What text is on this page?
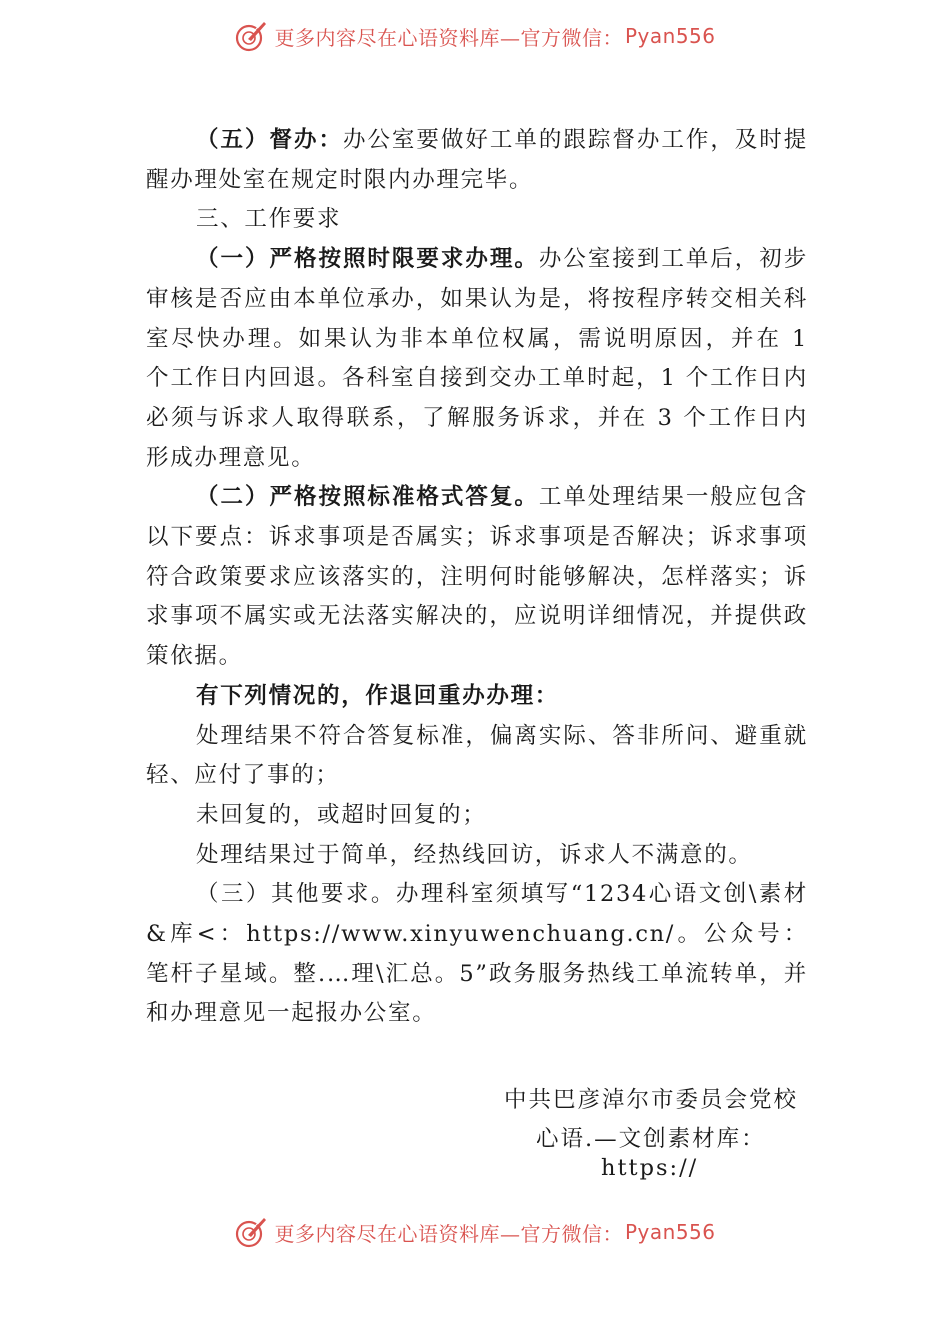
更多内容尽在心语资料库—官方微信： Pyan556

（五）督办：办公室要做好工单的跟踪督办工作，及时提醒办理处室在规定时限内办理完毕。

三、工作要求

（一）严格按照时限要求办理。办公室接到工单后，初步审核是否应由本单位承办，如果认为是，将按程序转交相关科室尽快办理。如果认为非本单位权属，需说明原因，并在 1 个工作日内回退。各科室自接到交办工单时起，1 个工作日内必须与诉求人取得联系，了解服务诉求，并在 3 个工作日内形成办理意见。

（二）严格按照标准格式答复。工单处理结果一般应包含以下要点：诉求事项是否属实；诉求事项是否解决；诉求事项符合政策要求应该落实的，注明何时能够解决，怎样落实；诉求事项不属实或无法落实解决的，应说明详细情况，并提供政策依据。

有下列情况的，作退回重办办理：

处理结果不符合答复标准，偏离实际、答非所问、避重就轻、应付了事的；

未回复的，或超时回复的；

处理结果过于简单，经热线回访，诉求人不满意的。

（三）其他要求。办理科室须填写“1234心语文创\素材&库<：https://www.xinyuwenchuang.cn/。公众号：笔杆子星域。整.…理\汇总。5”政务服务热线工单流转单，并和办理意见一起报办公室。

中共巴彦淖尔市委员会党校
心语.—文创素材库：
https://
更多内容尽在心语资料库—官方微信： Pyan556
